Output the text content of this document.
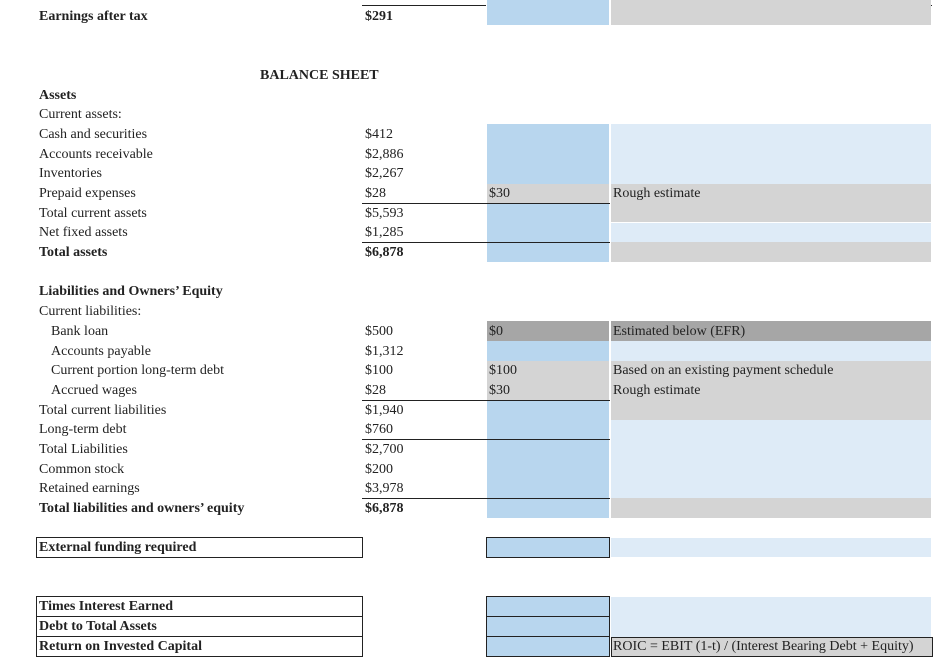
Earnings after tax	$291
BALANCE SHEET
Assets
Current assets:
Cash and securities	$412
Accounts receivable	$2,886
Inventories	$2,267
Prepaid expenses	$28	$30	Rough estimate
Total current assets	$5,593
Net fixed assets	$1,285
Total assets	$6,878
Liabilities and Owners’ Equity
Current liabilities:
Bank loan	$500	$0	Estimated below (EFR)
Accounts payable	$1,312
Current portion long-term debt	$100	$100	Based on an existing payment schedule
Accrued wages	$28	$30	Rough estimate
Total current liabilities	$1,940
Long-term debt	$760
Total Liabilities	$2,700
Common stock	$200
Retained earnings	$3,978
Total liabilities and owners’ equity	$6,878
External funding required
Times Interest Earned
Debt to Total Assets
Return on Invested Capital	ROIC = EBIT (1-t) / (Interest Bearing Debt + Equity)
